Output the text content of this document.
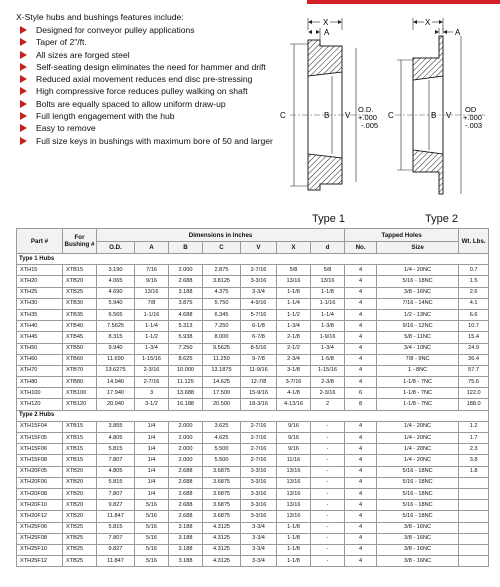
X-Style hubs and bushings features include:
Designed for conveyor pulley applications
Taper of 2"/ft.
All sizes are forged steel
Self-seating design eliminates the need for hammer and drift
Reduced axial movement reduces end disc pre-stressing
High compressive force reduces pulley walking on shaft
Bolts are equally spaced to allow uniform draw-up
Full length engagement with the hub
Easy to remove
Full size keys in bushings with maximum bore of 50 and larger
X
A
C	B V
O.D.
+.000
-.005
Type 1
X
A
C	B V
OD
+.000
-.003
Type 2
Part #	For Bushing #	Dimensions in Inches							Tapped Holes		Wt. Lbs.
		O.D.	A	B	C	V	X	d	No.	Size	
Type 1 Hubs											
XTH15	XTB15	3.190	7/16	2.000	2.875	2-7/16	5/8	5/8	4	1/4 - 20NC	0.7
XTH20	XTB20	4.065	9/16	2.688	3.8125	3-3/16	13/16	13/16	4	5/16 - 18NC	1.5
XTH25	XTB25	4.690	13/16	3.188	4.375	3-3/4	1-1/8	1-1/8	4	3/8 - 16NC	2.6
XTH30	XTB30	5.940	7/8	3.875	5.750	4-9/16	1-1/4	1-1/16	4	7/16 - 14NC	4.1
XTH35	XTB35	6.565	1-1/16	4.688	6.345	5-7/16	1-1/2	1-1/4	4	1/2 - 13NC	6.6
XTH40	XTB40	7.5625	1-1/4	5.313	7.250	6-1/8	1-3/4	1-3/8	4	9/16 - 12NC	10.7
XTH45	XTB45	8.315	1-1/2	5.938	8.000	6-7/8	2-1/8	1-9/16	4	5/8 - 11NC	15.4
XTH50	XTB50	9.940	1-3/4	7.250	9.5625	8-5/16	2-1/2	1-3/4	4	3/4 - 10NC	24.9
XTH60	XTB60	11.690	1-15/16	8.625	11.250	9-7/8	2-3/4	1-5/8	4	7/8 - 9NC	36.4
XTH70	XTB70	13.6275	2-3/16	10.000	13.1875	11-9/16	3-1/8	1-15/16	4	1 - 8NC	57.7
XTH80	XTB80	14.940	2-7/16	11.125	14.625	12-7/8	3-7/16	2-3/8	4	1-1/8 - 7NC	75.6
XTH100	XTB100	17.940	3	13.688	17.500	15-9/16	4-1/8	2-3/16	6	1-1/8 - 7NC	122.0
XTH120	XTB120	20.940	3-1/2	16.188	20.500	18-3/16	4-13/16	2	8	1-1/8 - 7NC	188.0
Type 2 Hubs											
XTH15F04	XTB15	3.855	1/4	2.000	3.625	2-7/16	9/16	-	4	1/4 - 20NC	1.2
XTH15F05	XTB15	4.805	1/4	2.000	4.625	2-7/16	9/16	-	4	1/4 - 20NC	1.7
XTH15F06	XTB15	5.815	1/4	2.000	5.500	2-7/16	9/16	-	4	1/4 - 20NC	2.3
XTH15F08	XTB15	7.807	1/4	2.000	5.500	2-7/16	11/16	-	4	1/4 - 20NC	3.8
XTH20F05	XTB20	4.805	1/4	2.688	3.6875	3-3/16	13/16	-	4	5/16 - 18NC	1.8
XTH20F06	XTB20	5.815	1/4	2.688	3.6875	3-3/16	13/16	-	4	5/16 - 18NC	
XTH20F08	XTB20	7.807	1/4	2.688	3.6875	3-3/16	13/16	-	4	5/16 - 18NC	
XTH20F10	XTB20	9.827	5/16	2.688	3.6875	3-3/16	13/16	-	4	5/16 - 18NC	
XTH20F12	XTB20	11.847	5/16	2.688	3.6875	3-3/16	13/16	-	4	5/16 - 18NC	
XTH25F06	XTB25	5.815	5/16	3.188	4.3125	3-3/4	1-1/8	-	4	3/8 - 16NC	
XTH25F08	XTB25	7.807	5/16	3.188	4.3125	3-3/4	1-1/8	-	4	3/8 - 16NC	
XTH25F10	XTB25	9.827	5/16	3.188	4.3125	3-3/4	1-1/8	-	4	3/8 - 16NC	
XTH25F12	XTB25	11.847	5/16	3.188	4.3125	3-3/4	1-1/8	-	4	3/8 - 16NC	
